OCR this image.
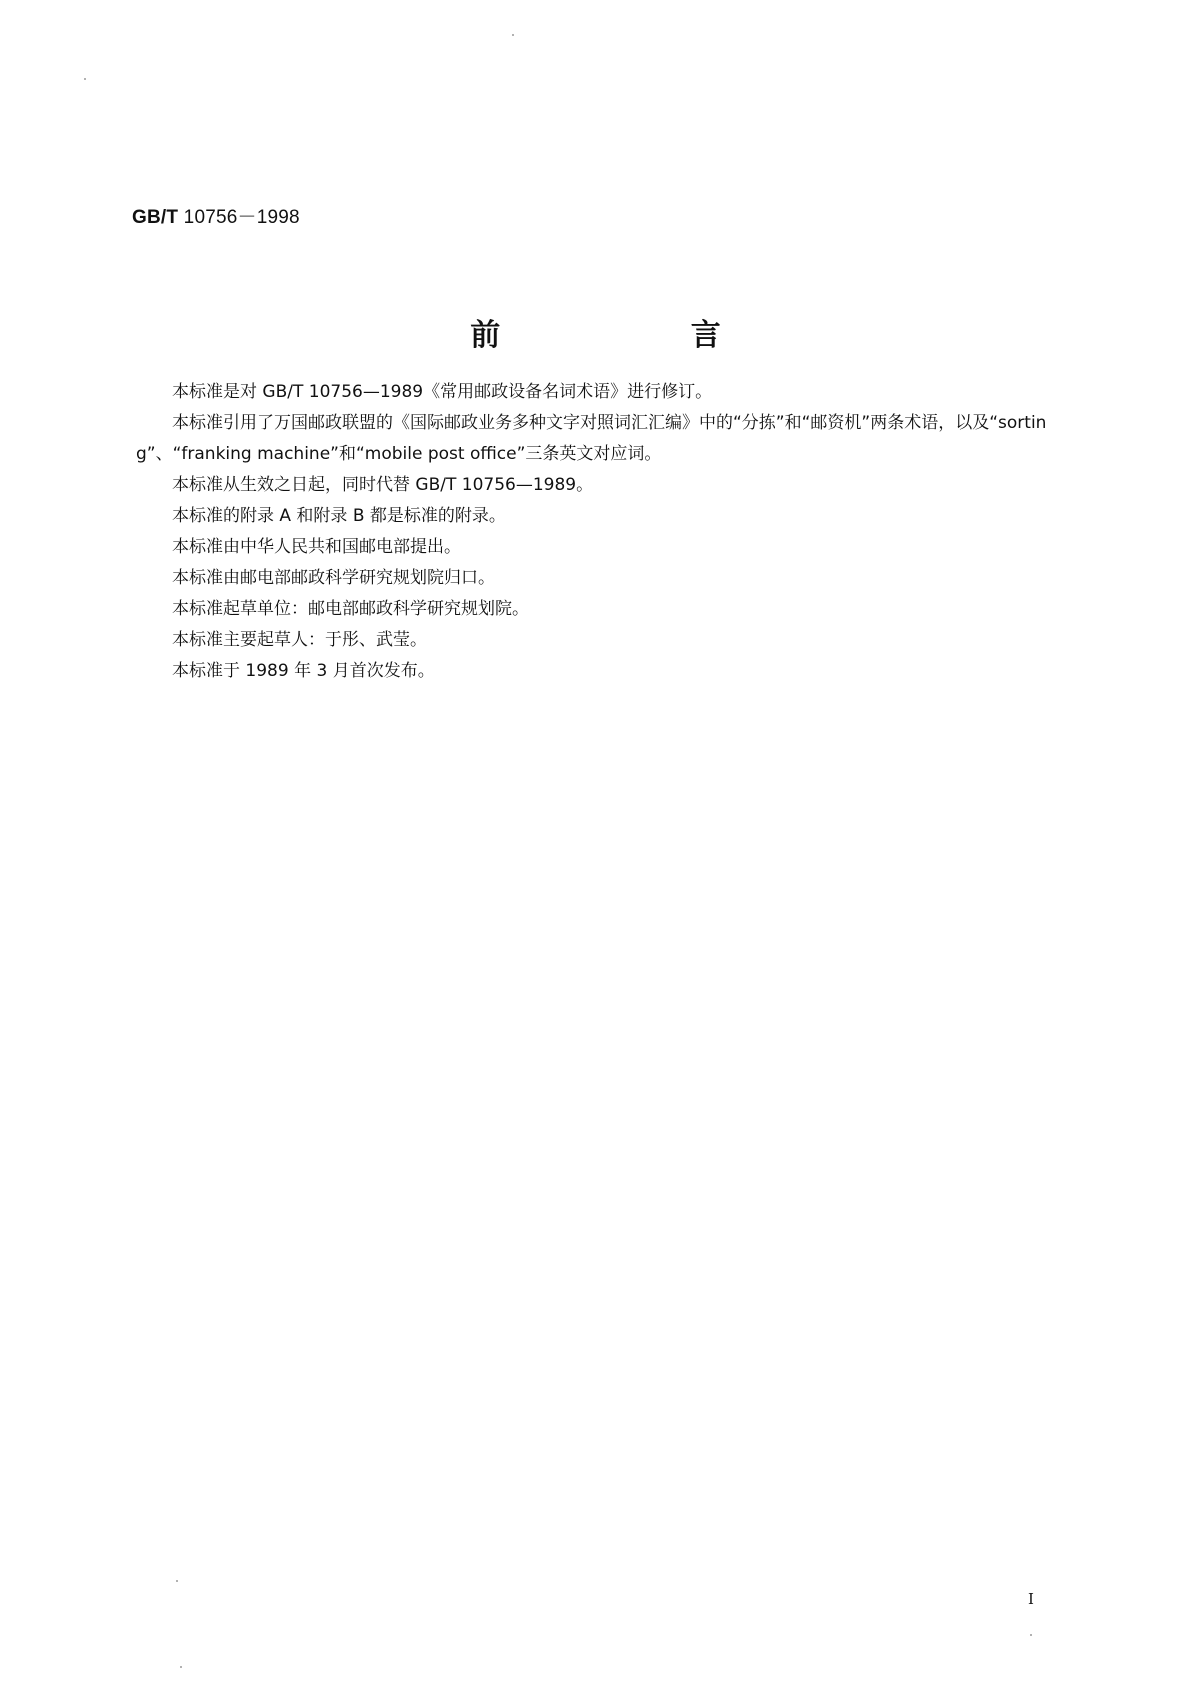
GB/T 10756－1998
前 言

本标准是对 GB/T 10756—1989《常用邮政设备名词术语》进行修订。

本标准引用了万国邮政联盟的《国际邮政业务多种文字对照词汇汇编》中的“分拣”和“邮资机”两条术语，以及“sorting”、“franking machine”和“mobile post office”三条英文对应词。

本标准从生效之日起，同时代替 GB/T 10756—1989。

本标准的附录 A 和附录 B 都是标准的附录。

本标准由中华人民共和国邮电部提出。

本标准由邮电部邮政科学研究规划院归口。

本标准起草单位：邮电部邮政科学研究规划院。

本标准主要起草人：于彤、武莹。

本标准于 1989 年 3 月首次发布。

I
